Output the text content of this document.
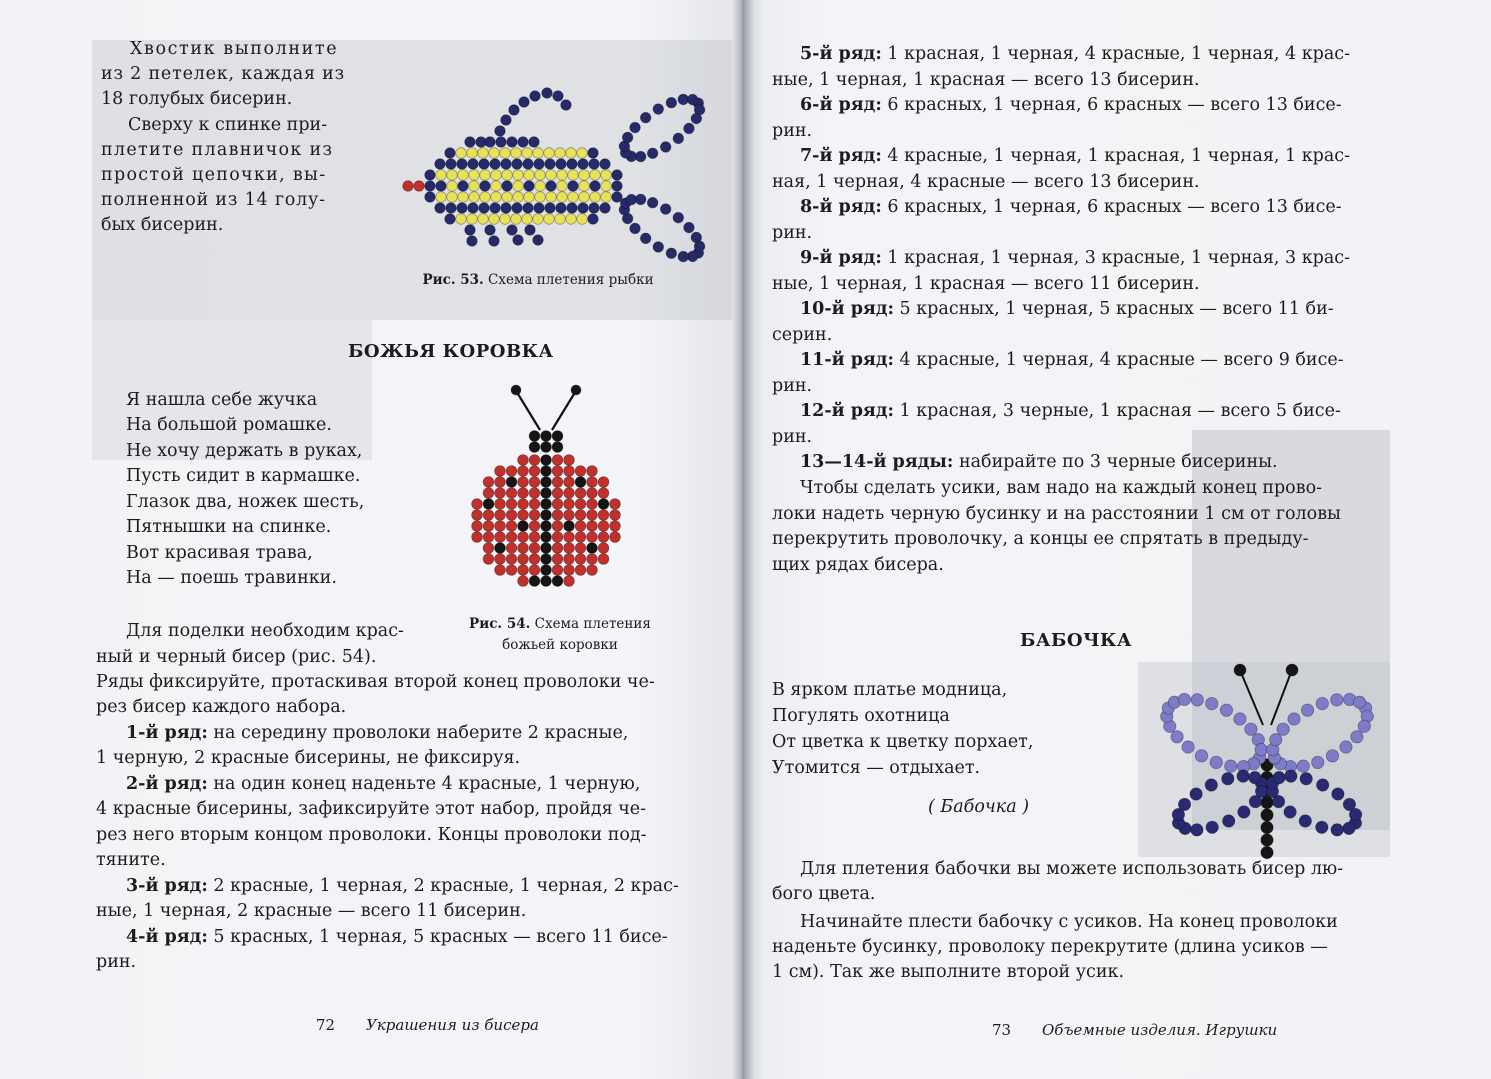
Хвостик выполните
из 2 петелек, каждая из
18 голубых бисерин.
Сверху к спинке при-
плетите плавничок из
простой цепочки, вы-
полненной из 14 голу-
бых бисерин.
Рис. 53. Схема плетения рыбки
БОЖЬЯ КОРОВКА
Я нашла себе жучка
На большой ромашке.
Не хочу держать в руках,
Пусть сидит в кармашке.
Глазок два, ножек шесть,
Пятнышки на спинке.
Вот красивая трава,
На — поешь травинки.
Рис. 54. Схема плетения
божьей коровки
Для поделки необходим крас-
ный и черный бисер (рис. 54).
Ряды фиксируйте, протаскивая второй конец проволоки че-
рез бисер каждого набора.
1-й ряд: на середину проволоки наберите 2 красные,
1 черную, 2 красные бисерины, не фиксируя.
2-й ряд: на один конец наденьте 4 красные, 1 черную,
4 красные бисерины, зафиксируйте этот набор, пройдя че-
рез него вторым концом проволоки. Концы проволоки под-
тяните.
3-й ряд: 2 красные, 1 черная, 2 красные, 1 черная, 2 крас-
ные, 1 черная, 2 красные — всего 11 бисерин.
4-й ряд: 5 красных, 1 черная, 5 красных — всего 11 бисе-
рин.
72 Украшения из бисера
5-й ряд: 1 красная, 1 черная, 4 красные, 1 черная, 4 крас-
ные, 1 черная, 1 красная — всего 13 бисерин.
6-й ряд: 6 красных, 1 черная, 6 красных — всего 13 бисе-
рин.
7-й ряд: 4 красные, 1 черная, 1 красная, 1 черная, 1 крас-
ная, 1 черная, 4 красные — всего 13 бисерин.
8-й ряд: 6 красных, 1 черная, 6 красных — всего 13 бисе-
рин.
9-й ряд: 1 красная, 1 черная, 3 красные, 1 черная, 3 крас-
ные, 1 черная, 1 красная — всего 11 бисерин.
10-й ряд: 5 красных, 1 черная, 5 красных — всего 11 би-
серин.
11-й ряд: 4 красные, 1 черная, 4 красные — всего 9 бисе-
рин.
12-й ряд: 1 красная, 3 черные, 1 красная — всего 5 бисе-
рин.
13—14-й ряды: набирайте по 3 черные бисерины.
Чтобы сделать усики, вам надо на каждый конец прово-
локи надеть черную бусинку и на расстоянии 1 см от головы
перекрутить проволочку, а концы ее спрятать в предыду-
щих рядах бисера.
БАБОЧКА
В ярком платье модница,
Погулять охотница
От цветка к цветку порхает,
Утомится — отдыхает.
( Бабочка )
Для плетения бабочки вы можете использовать бисер лю-
бого цвета.
Начинайте плести бабочку с усиков. На конец проволоки
наденьте бусинку, проволоку перекрутите (длина усиков —
1 см). Так же выполните второй усик.
73 Объемные изделия. Игрушки
